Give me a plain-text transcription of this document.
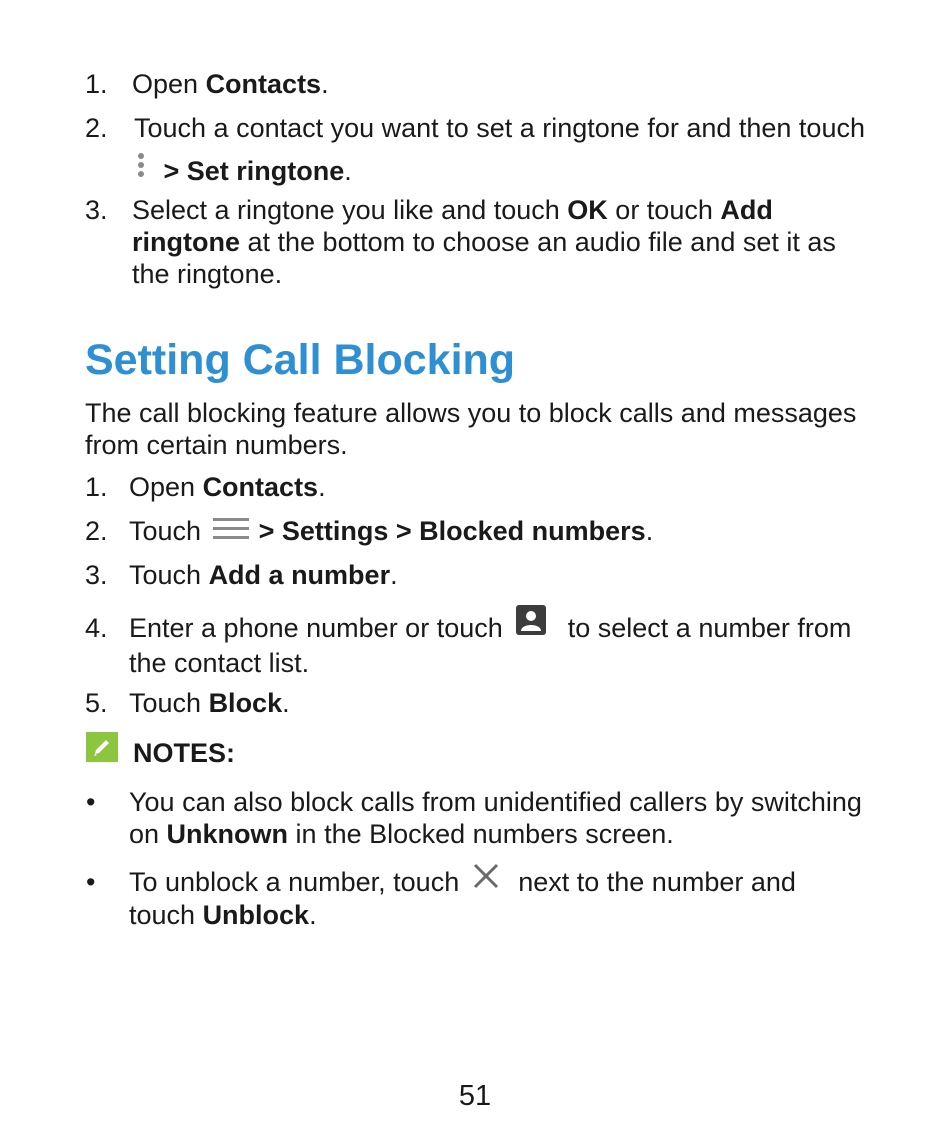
1. Open Contacts.
2. Touch a contact you want to set a ringtone for and then touch
> Set ringtone.
3. Select a ringtone you like and touch OK or touch Add
ringtone at the bottom to choose an audio file and set it as
the ringtone.
Setting Call Blocking
The call blocking feature allows you to block calls and messages
from certain numbers.
1. Open Contacts.
2. Touch > Settings > Blocked numbers.
3. Touch Add a number.
4. Enter a phone number or touch  to select a number from
the contact list.
5. Touch Block.
NOTES:
• You can also block calls from unidentified callers by switching
on Unknown in the Blocked numbers screen.
• To unblock a number, touch  next to the number and
touch Unblock.
51
